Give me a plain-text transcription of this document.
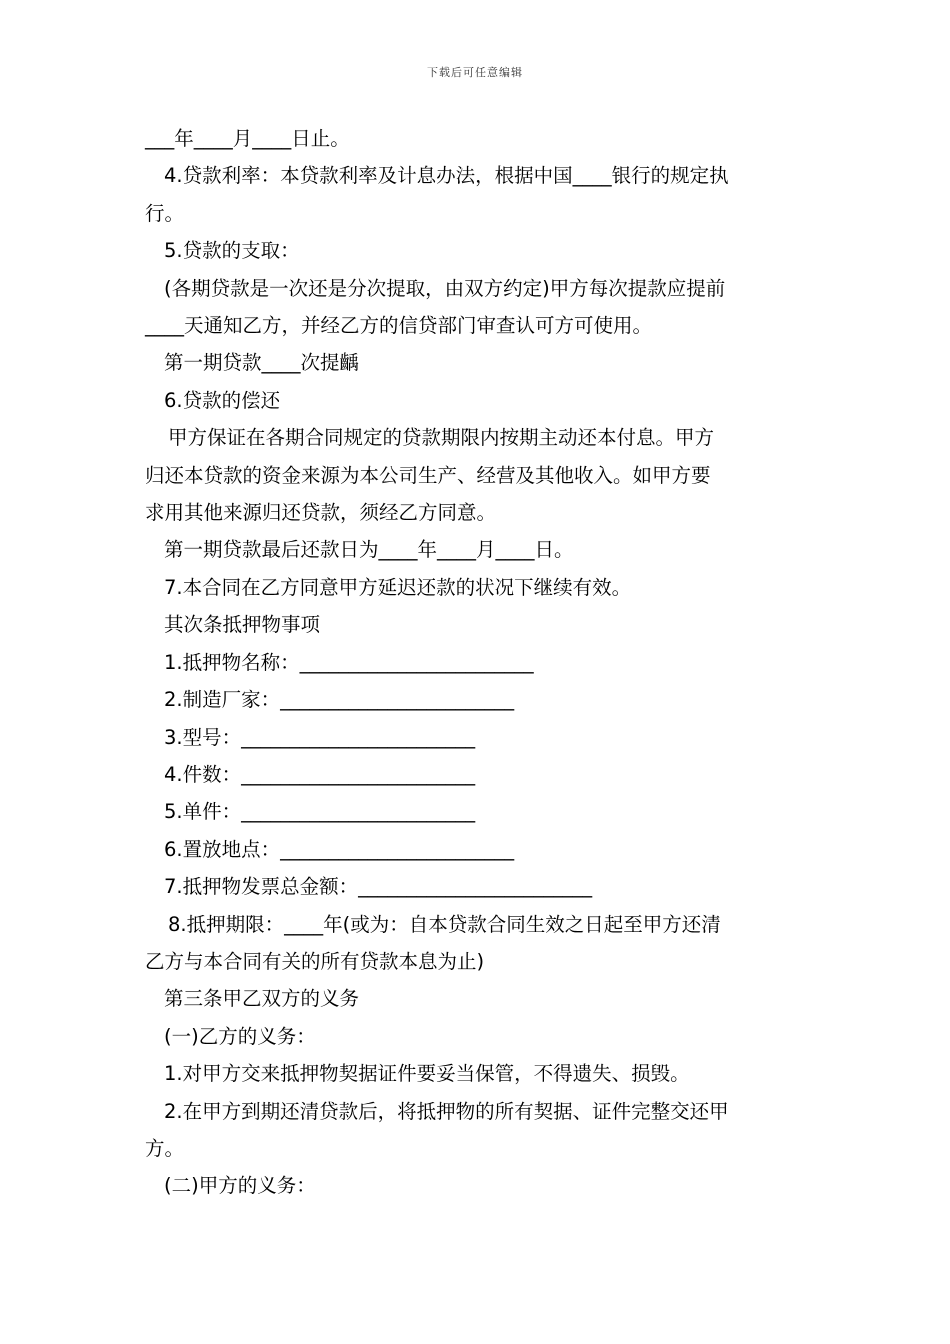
下载后可任意编辑

___年____月____日止。

4.贷款利率：本贷款利率及计息办法，根据中国____银行的规定执

行。

5.贷款的支取：

(各期贷款是一次还是分次提取，由双方约定)甲方每次提款应提前

____天通知乙方，并经乙方的信贷部门审查认可方可使用。

第一期贷款____次提齲

6.贷款的偿还

甲方保证在各期合同规定的贷款期限内按期主动还本付息。甲方

归还本贷款的资金来源为本公司生产、经营及其他收入。如甲方要

求用其他来源归还贷款，须经乙方同意。

第一期贷款最后还款日为____年____月____日。

7.本合同在乙方同意甲方延迟还款的状况下继续有效。

其次条抵押物事项

1.抵押物名称：________________________

2.制造厂家：________________________

3.型号：________________________

4.件数：________________________

5.单件：________________________

6.置放地点：________________________

7.抵押物发票总金额：________________________

8.抵押期限：____年(或为：自本贷款合同生效之日起至甲方还清

乙方与本合同有关的所有贷款本息为止)

第三条甲乙双方的义务

(一)乙方的义务：

1.对甲方交来抵押物契据证件要妥当保管，不得遗失、损毁。

2.在甲方到期还清贷款后，将抵押物的所有契据、证件完整交还甲

方。

(二)甲方的义务：
